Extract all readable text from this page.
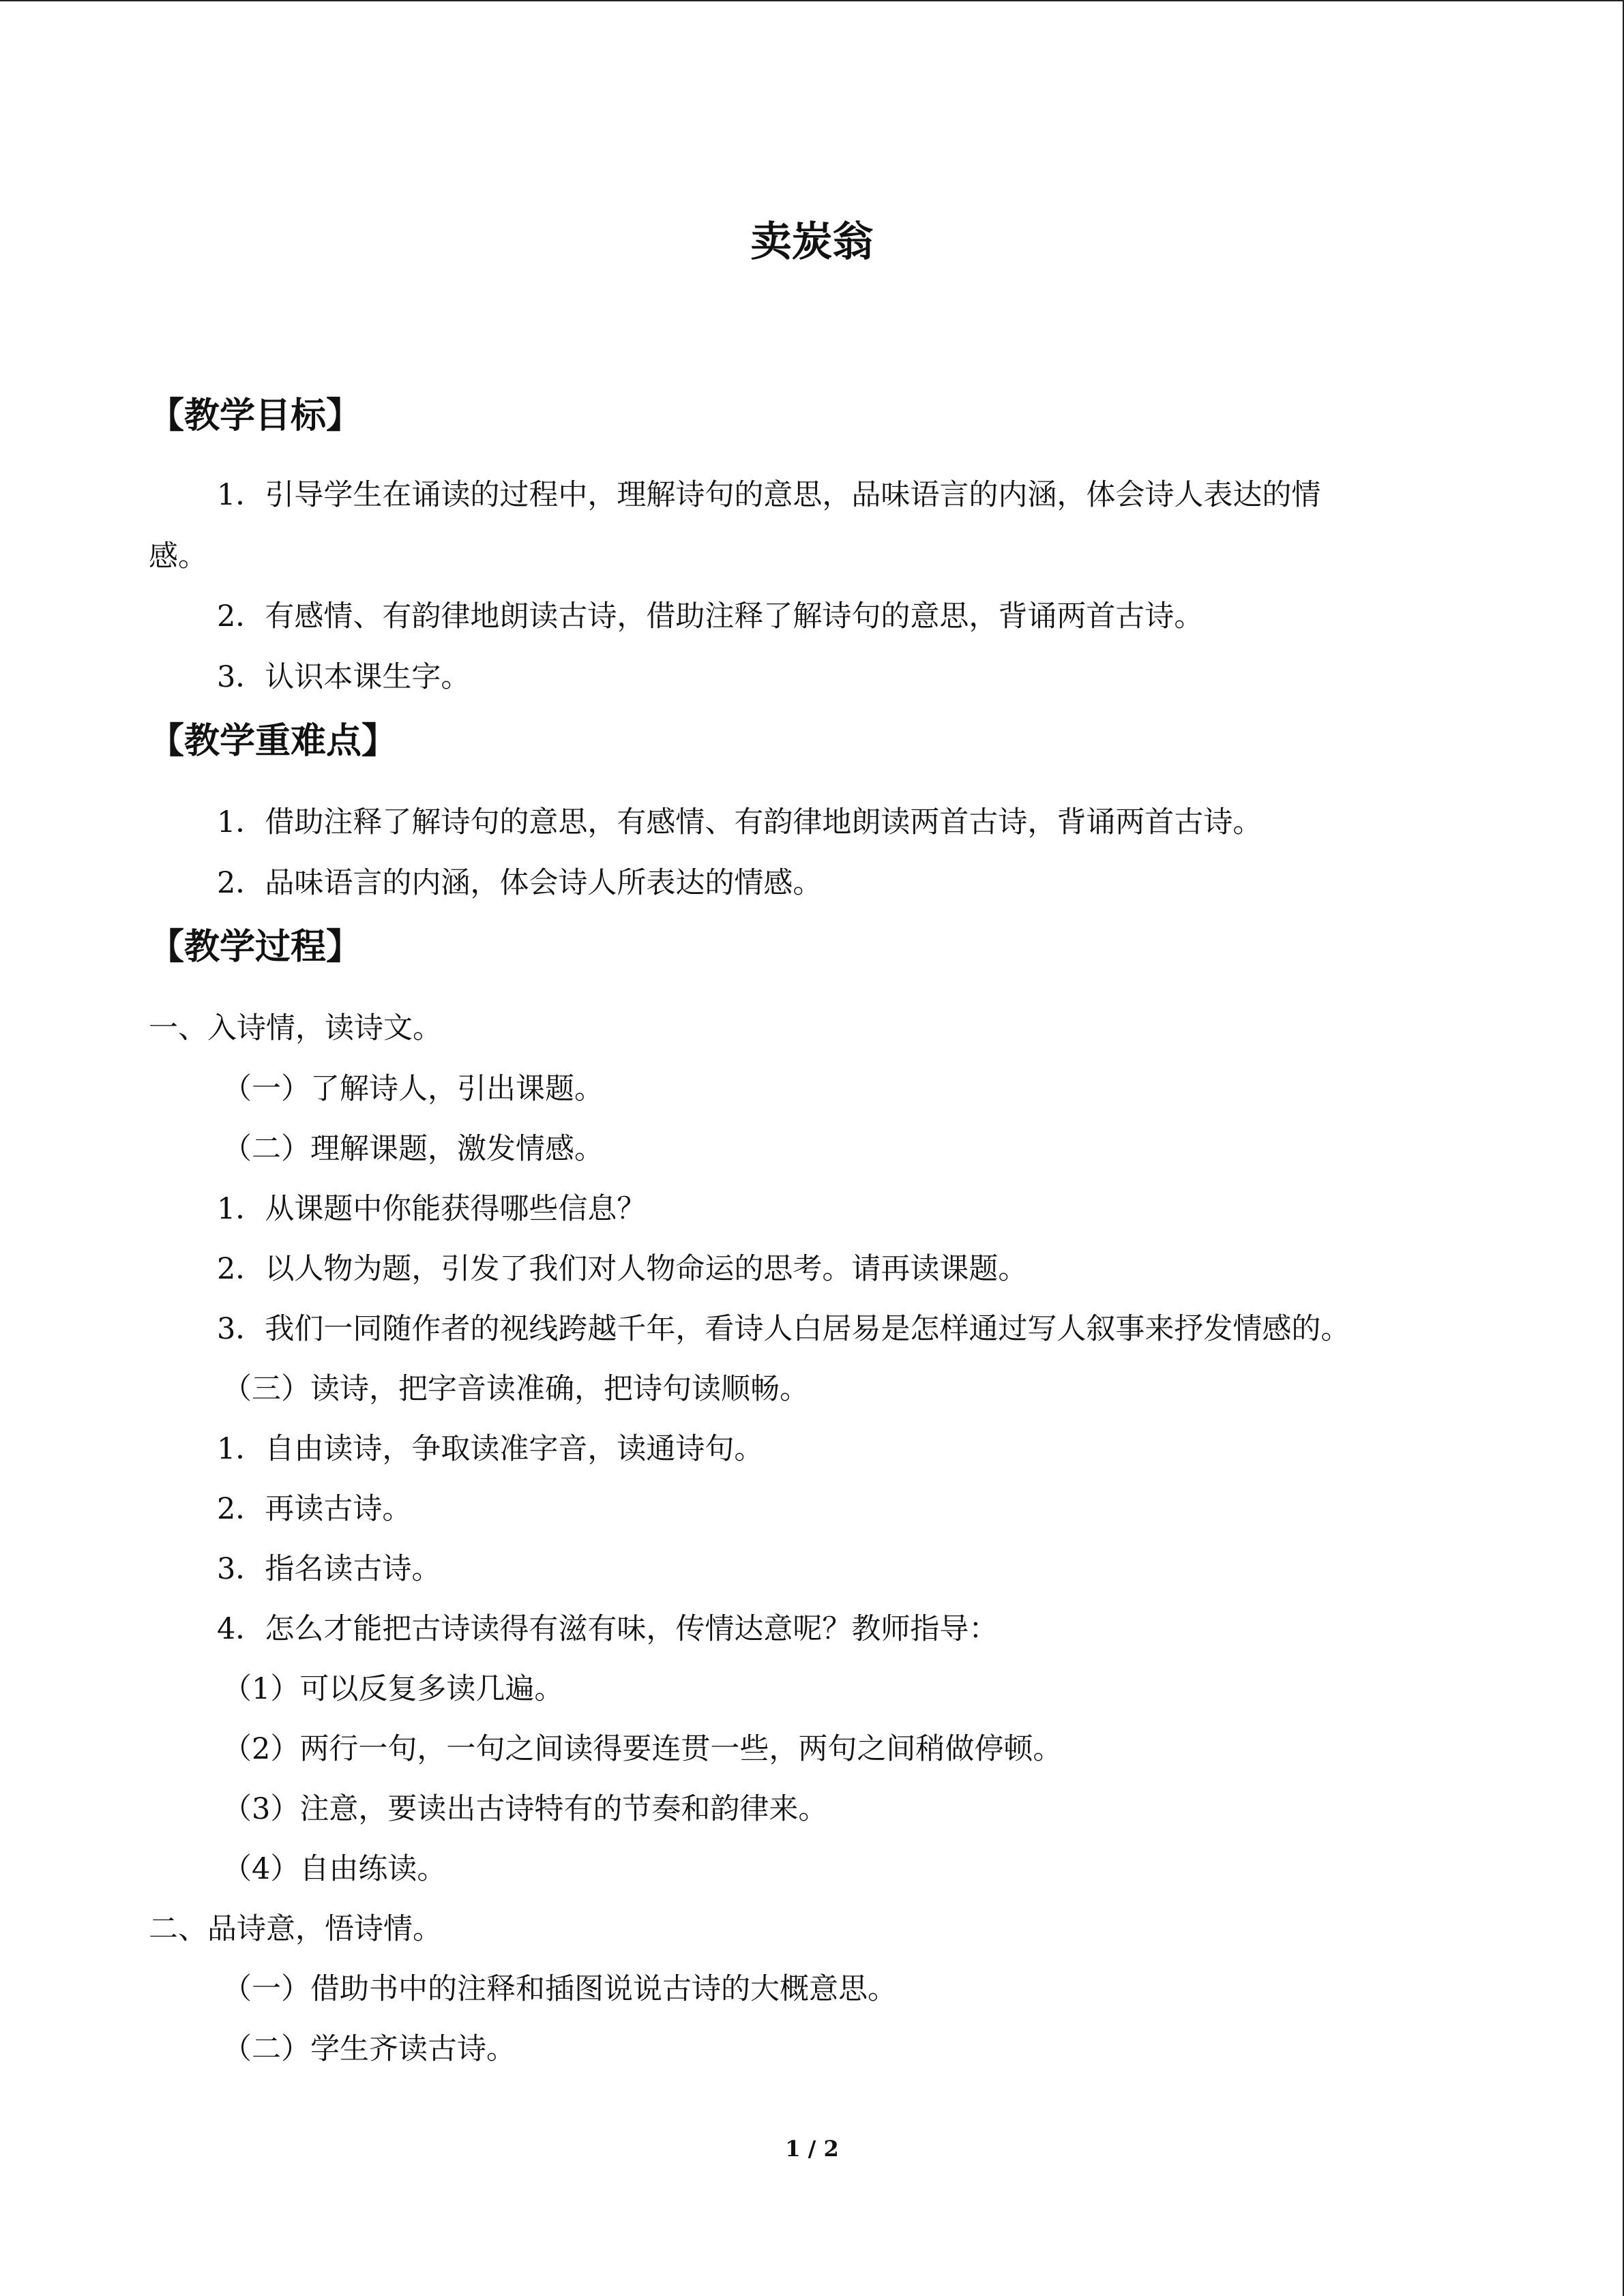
卖炭翁
【教学目标】
1．引导学生在诵读的过程中，理解诗句的意思，品味语言的内涵，体会诗人表达的情
感。
2．有感情、有韵律地朗读古诗，借助注释了解诗句的意思，背诵两首古诗。
3．认识本课生字。
【教学重难点】
1．借助注释了解诗句的意思，有感情、有韵律地朗读两首古诗，背诵两首古诗。
2．品味语言的内涵，体会诗人所表达的情感。
【教学过程】
一、入诗情，读诗文。
（一）了解诗人，引出课题。
（二）理解课题，激发情感。
1．从课题中你能获得哪些信息？
2．以人物为题，引发了我们对人物命运的思考。请再读课题。
3．我们一同随作者的视线跨越千年，看诗人白居易是怎样通过写人叙事来抒发情感的。
（三）读诗，把字音读准确，把诗句读顺畅。
1．自由读诗，争取读准字音，读通诗句。
2．再读古诗。
3．指名读古诗。
4．怎么才能把古诗读得有滋有味，传情达意呢？教师指导：
（1）可以反复多读几遍。
（2）两行一句，一句之间读得要连贯一些，两句之间稍做停顿。
（3）注意，要读出古诗特有的节奏和韵律来。
（4）自由练读。
二、品诗意，悟诗情。
（一）借助书中的注释和插图说说古诗的大概意思。
（二）学生齐读古诗。
1 / 2
